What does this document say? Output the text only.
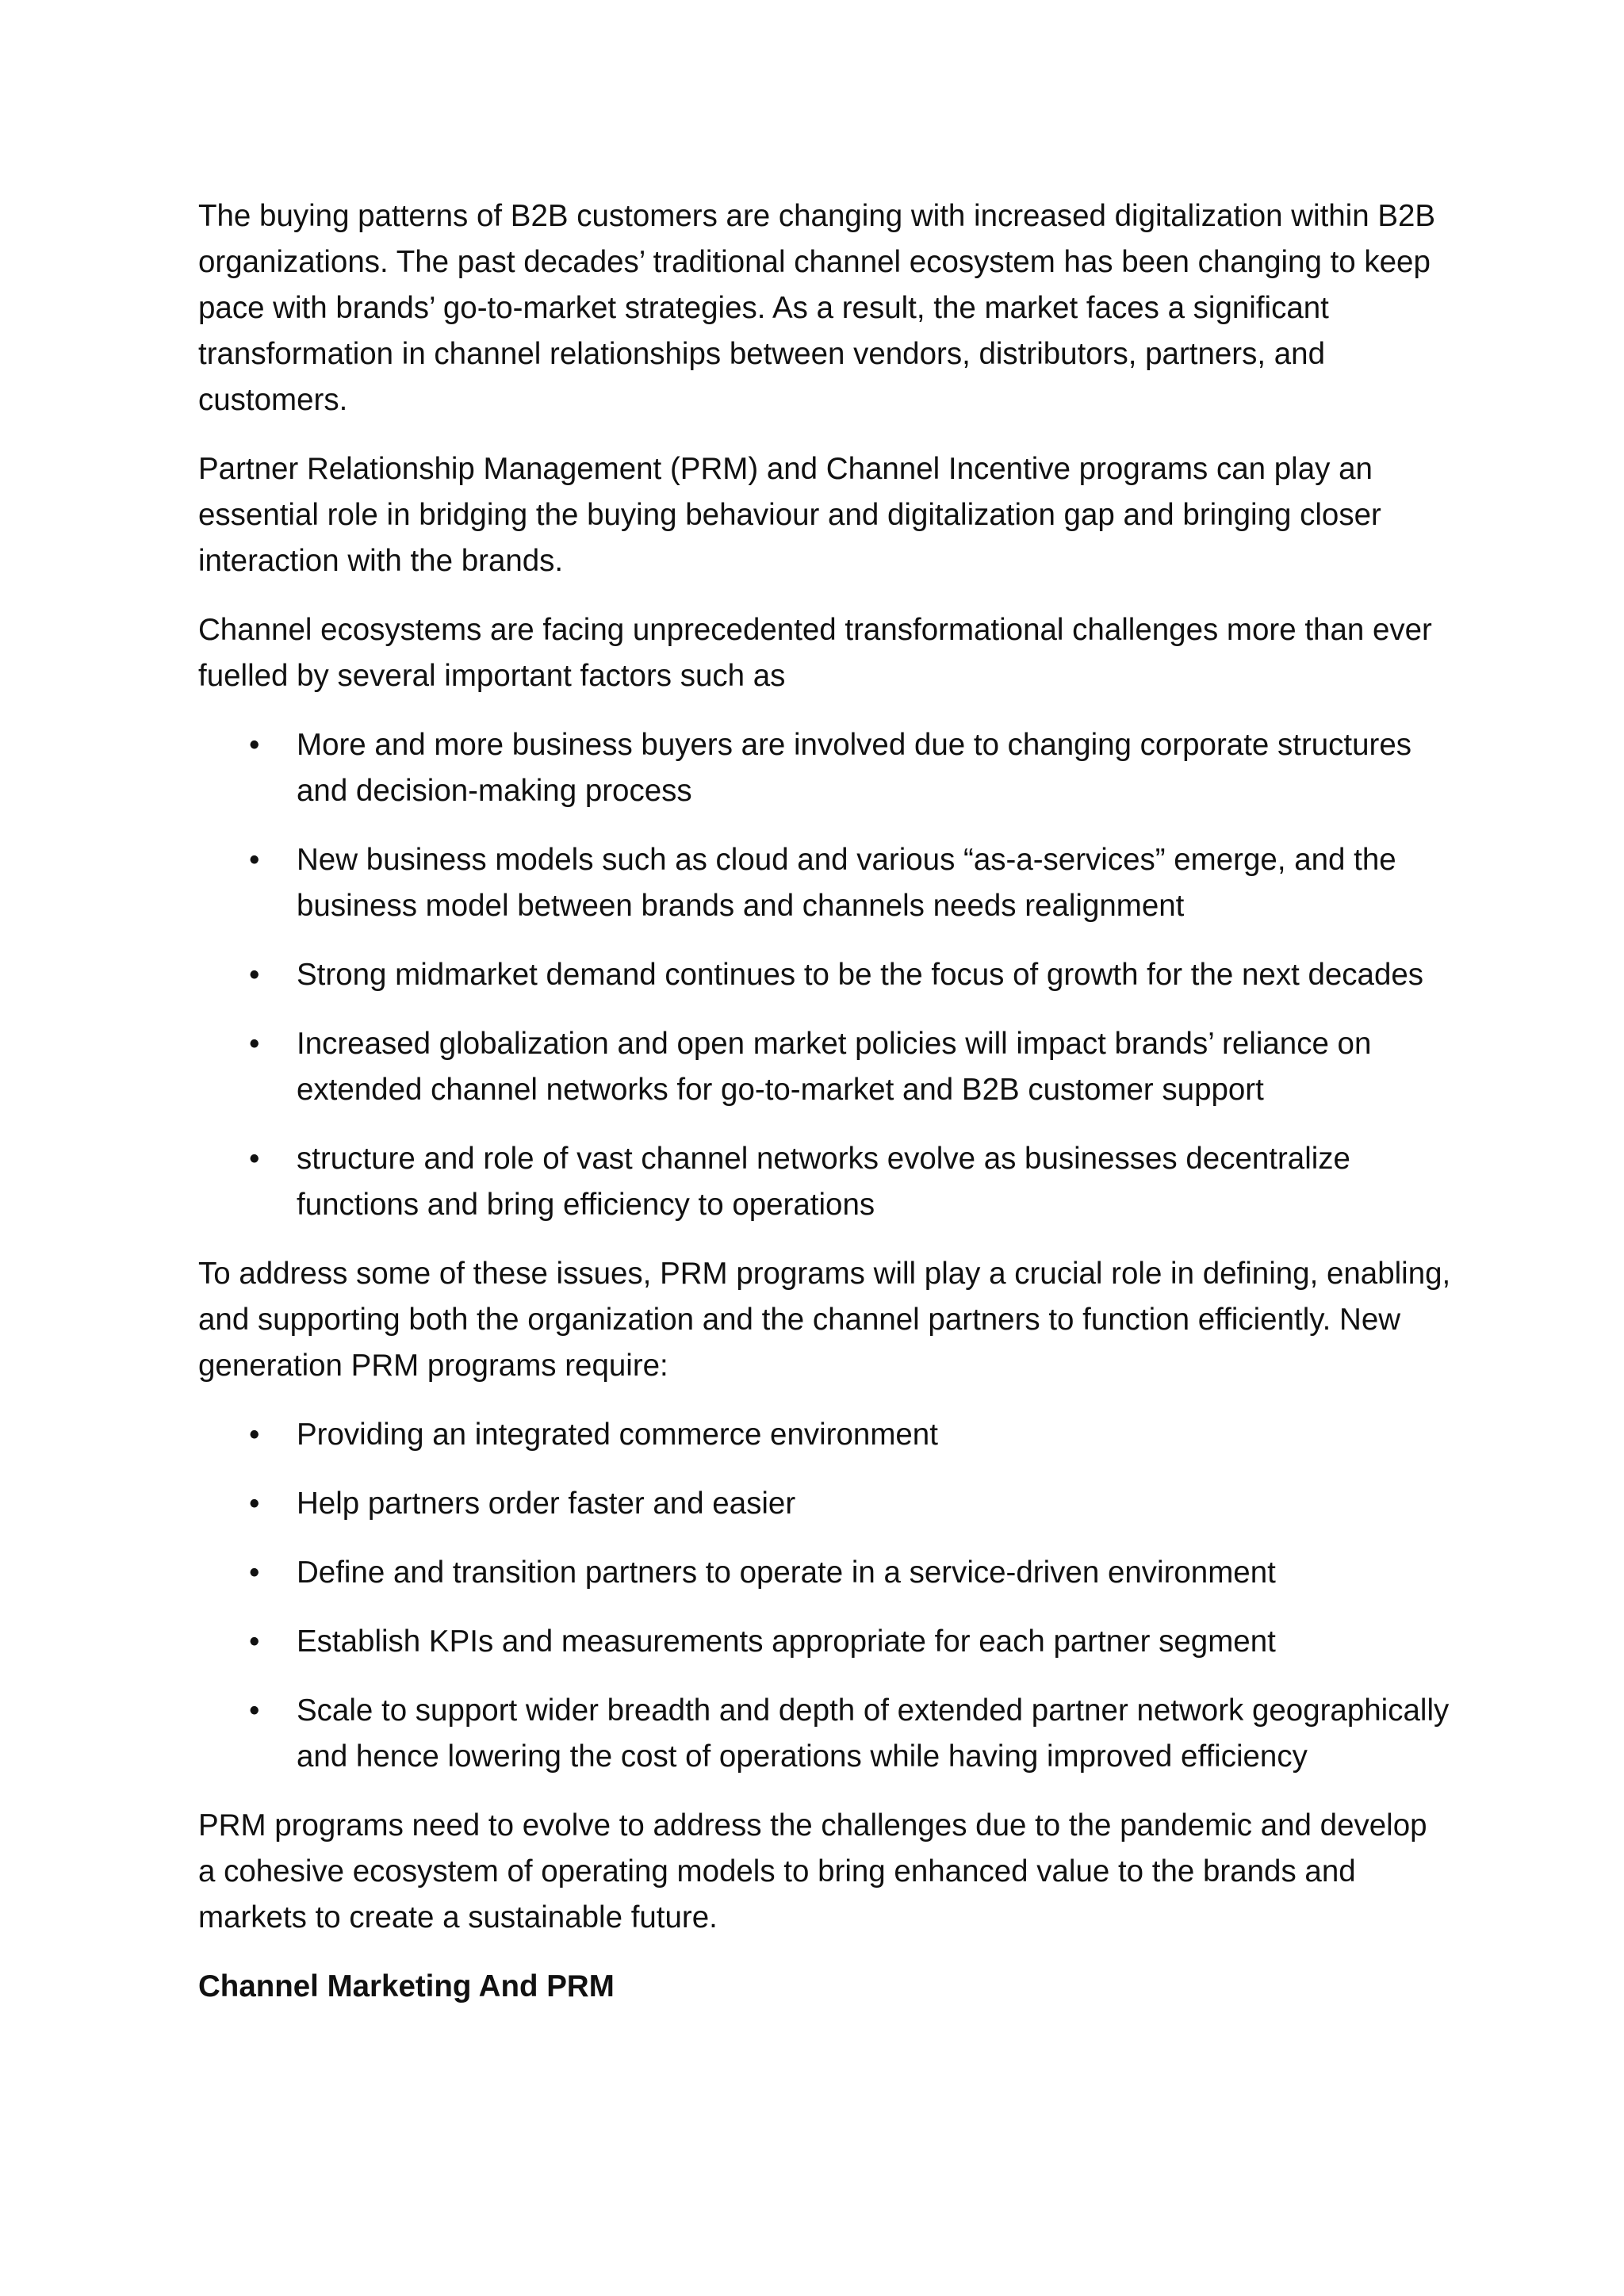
The buying patterns of B2B customers are changing with increased digitalization within B2B organizations. The past decades’ traditional channel ecosystem has been changing to keep pace with brands’ go-to-market strategies. As a result, the market faces a significant transformation in channel relationships between vendors, distributors, partners, and customers.

Partner Relationship Management (PRM) and Channel Incentive programs can play an essential role in bridging the buying behaviour and digitalization gap and bringing closer interaction with the brands.

Channel ecosystems are facing unprecedented transformational challenges more than ever fuelled by several important factors such as

• More and more business buyers are involved due to changing corporate structures and decision-making process
• New business models such as cloud and various “as-a-services” emerge, and the business model between brands and channels needs realignment
• Strong midmarket demand continues to be the focus of growth for the next decades
• Increased globalization and open market policies will impact brands’ reliance on extended channel networks for go-to-market and B2B customer support
• structure and role of vast channel networks evolve as businesses decentralize functions and bring efficiency to operations

To address some of these issues, PRM programs will play a crucial role in defining, enabling, and supporting both the organization and the channel partners to function efficiently. New generation PRM programs require:

• Providing an integrated commerce environment
• Help partners order faster and easier
• Define and transition partners to operate in a service-driven environment
• Establish KPIs and measurements appropriate for each partner segment
• Scale to support wider breadth and depth of extended partner network geographically and hence lowering the cost of operations while having improved efficiency

PRM programs need to evolve to address the challenges due to the pandemic and develop a cohesive ecosystem of operating models to bring enhanced value to the brands and markets to create a sustainable future.

Channel Marketing And PRM
